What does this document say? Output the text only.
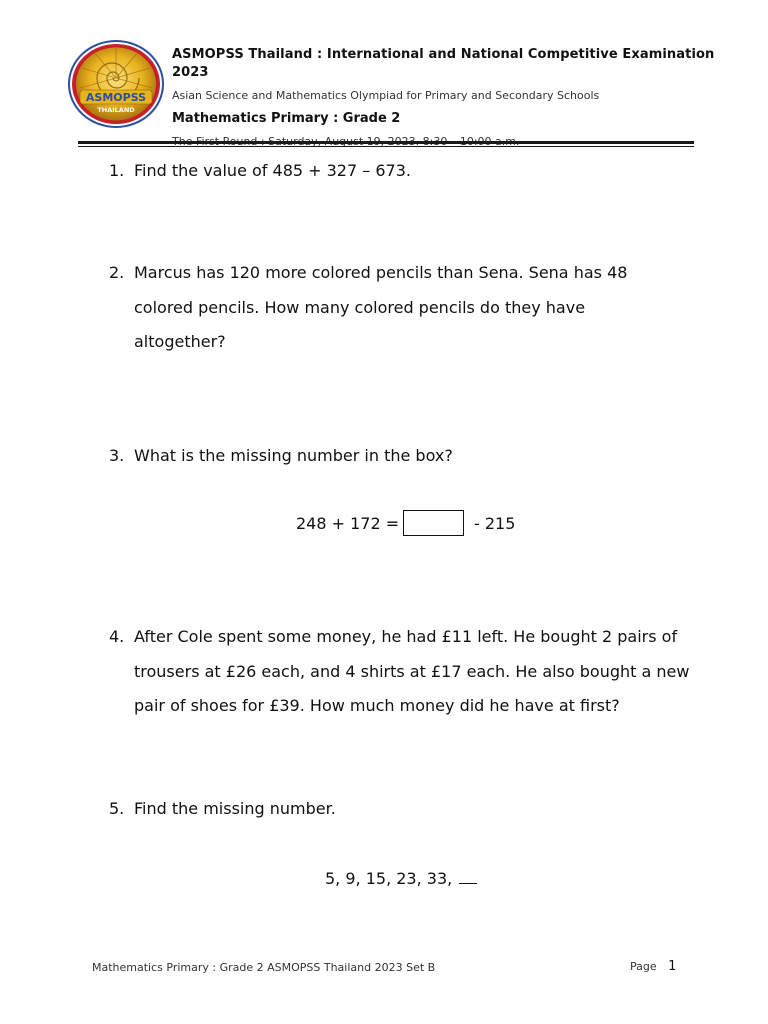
ASMOPSS
THAILAND
ASMOPSS Thailand : International and National Competitive Examination 2023
Asian Science and Mathematics Olympiad for Primary and Secondary Schools
Mathematics Primary : Grade 2
1. Find the value of 485 + 327 – 673.
2. Marcus has 120 more colored pencils than Sena. Sena has 48
colored pencils. How many colored pencils do they have
altogether?
3. What is the missing number in the box?
248 + 172 =	- 215
4. After Cole spent some money, he had £11 left. He bought 2 pairs of
trousers at £26 each, and 4 shirts at £17 each. He also bought a new
pair of shoes for £39. How much money did he have at first?
5. Find the missing number.
5, 9, 15, 23, 33,
Mathematics Primary : Grade 2 ASMOPSS Thailand 2023 Set B	Page 1
